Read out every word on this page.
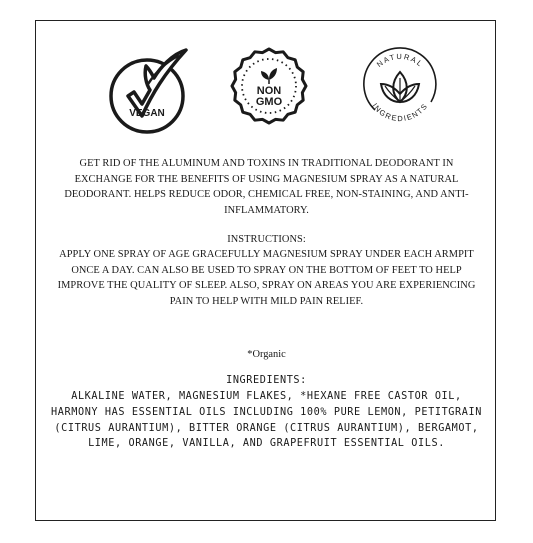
VEGAN
NON
GMO
NATURAL
INGREDIENTS
GET RID OF THE ALUMINUM AND TOXINS IN TRADITIONAL DEODORANT IN EXCHANGE FOR THE BENEFITS OF USING MAGNESIUM SPRAY AS A NATURAL DEODORANT. HELPS REDUCE ODOR, CHEMICAL FREE, NON-STAINING, AND ANTI-INFLAMMATORY.
INSTRUCTIONS:
APPLY ONE SPRAY OF AGE GRACEFULLY MAGNESIUM SPRAY UNDER EACH ARMPIT ONCE A DAY. CAN ALSO BE USED TO SPRAY ON THE BOTTOM OF FEET TO HELP IMPROVE THE QUALITY OF SLEEP. ALSO, SPRAY ON AREAS YOU ARE EXPERIENCING PAIN TO HELP WITH MILD PAIN RELIEF.
*Organic
INGREDIENTS:
ALKALINE WATER, MAGNESIUM FLAKES, *HEXANE FREE CASTOR OIL, HARMONY HAS ESSENTIAL OILS INCLUDING 100% PURE LEMON, PETITGRAIN (CITRUS AURANTIUM), BITTER ORANGE (CITRUS AURANTIUM), BERGAMOT, LIME, ORANGE, VANILLA, AND GRAPEFRUIT ESSENTIAL OILS.
